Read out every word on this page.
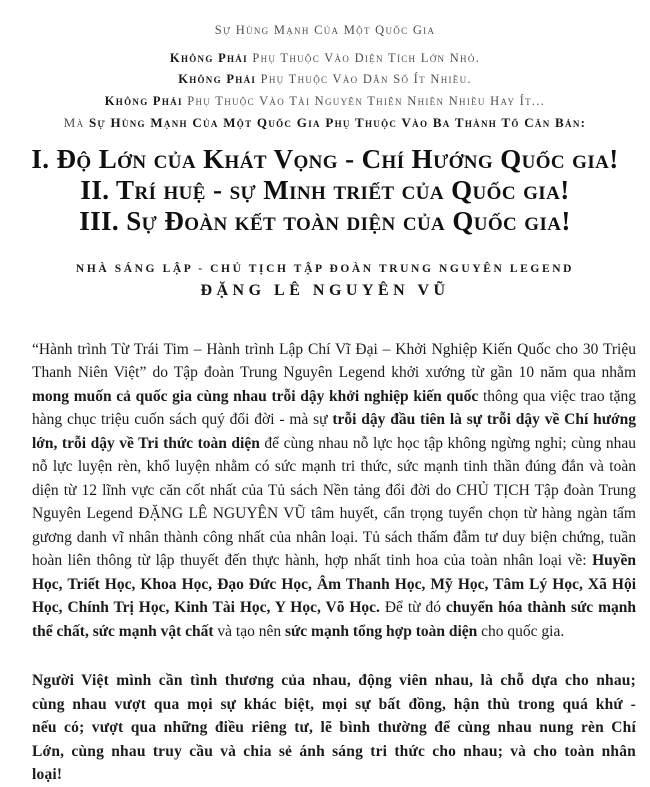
Sự Hùng Mạnh Của Một Quốc Gia
Không Phải Phụ Thuộc Vào Diện Tích Lớn Nhỏ.
Không Phải Phụ Thuộc Vào Dân Số Ít Nhiều.
Không Phải Phụ Thuộc Vào Tài Nguyên Thiên Nhiên Nhiều Hay Ít...
Mà Sự Hùng Mạnh Của Một Quốc Gia Phụ Thuộc Vào Ba Thành Tố Căn Bản:
I. Độ Lớn của Khát Vọng - Chí Hướng Quốc gia!
II. Trí huệ - sự Minh triết của Quốc gia!
III. Sự Đoàn kết toàn diện của Quốc gia!
NHÀ SÁNG LẬP - CHỦ TỊCH TẬP ĐOÀN TRUNG NGUYÊN LEGEND
ĐẶNG LÊ NGUYÊN VŨ

“Hành trình Từ Trái Tim – Hành trình Lập Chí Vĩ Đại – Khởi Nghiệp Kiến Quốc cho 30 Triệu Thanh Niên Việt” do Tập đoàn Trung Nguyên Legend khởi xướng từ gần 10 năm qua nhằm mong muốn cả quốc gia cùng nhau trỗi dậy khởi nghiệp kiến quốc thông qua việc trao tặng hàng chục triệu cuốn sách quý đổi đời - mà sự trỗi dậy đầu tiên là sự trỗi dậy về Chí hướng lớn, trỗi dậy về Tri thức toàn diện để cùng nhau nỗ lực học tập không ngừng nghỉ; cùng nhau nỗ lực luyện rèn, khổ luyện nhằm có sức mạnh tri thức, sức mạnh tinh thần đúng đắn và toàn diện từ 12 lĩnh vực căn cốt nhất của Tủ sách Nền tảng đổi đời do CHỦ TỊCH Tập đoàn Trung Nguyên Legend ĐẶNG LÊ NGUYÊN VŨ tâm huyết, cẩn trọng tuyển chọn từ hàng ngàn tấm gương danh vĩ nhân thành công nhất của nhân loại. Tủ sách thấm đẫm tư duy biện chứng, tuần hoàn liên thông từ lập thuyết đến thực hành, hợp nhất tinh hoa của toàn nhân loại về: Huyền Học, Triết Học, Khoa Học, Đạo Đức Học, Âm Thanh Học, Mỹ Học, Tâm Lý Học, Xã Hội Học, Chính Trị Học, Kinh Tài Học, Y Học, Võ Học. Để từ đó chuyển hóa thành sức mạnh thể chất, sức mạnh vật chất và tạo nên sức mạnh tổng hợp toàn diện cho quốc gia.

Người Việt mình cần tình thương của nhau, động viên nhau, là chỗ dựa cho nhau; cùng nhau vượt qua mọi sự khác biệt, mọi sự bất đồng, hận thù trong quá khứ - nếu có; vượt qua những điều riêng tư, lẽ bình thường để cùng nhau nung rèn Chí Lớn, cùng nhau truy cầu và chia sẻ ánh sáng tri thức cho nhau; và cho toàn nhân loại!
